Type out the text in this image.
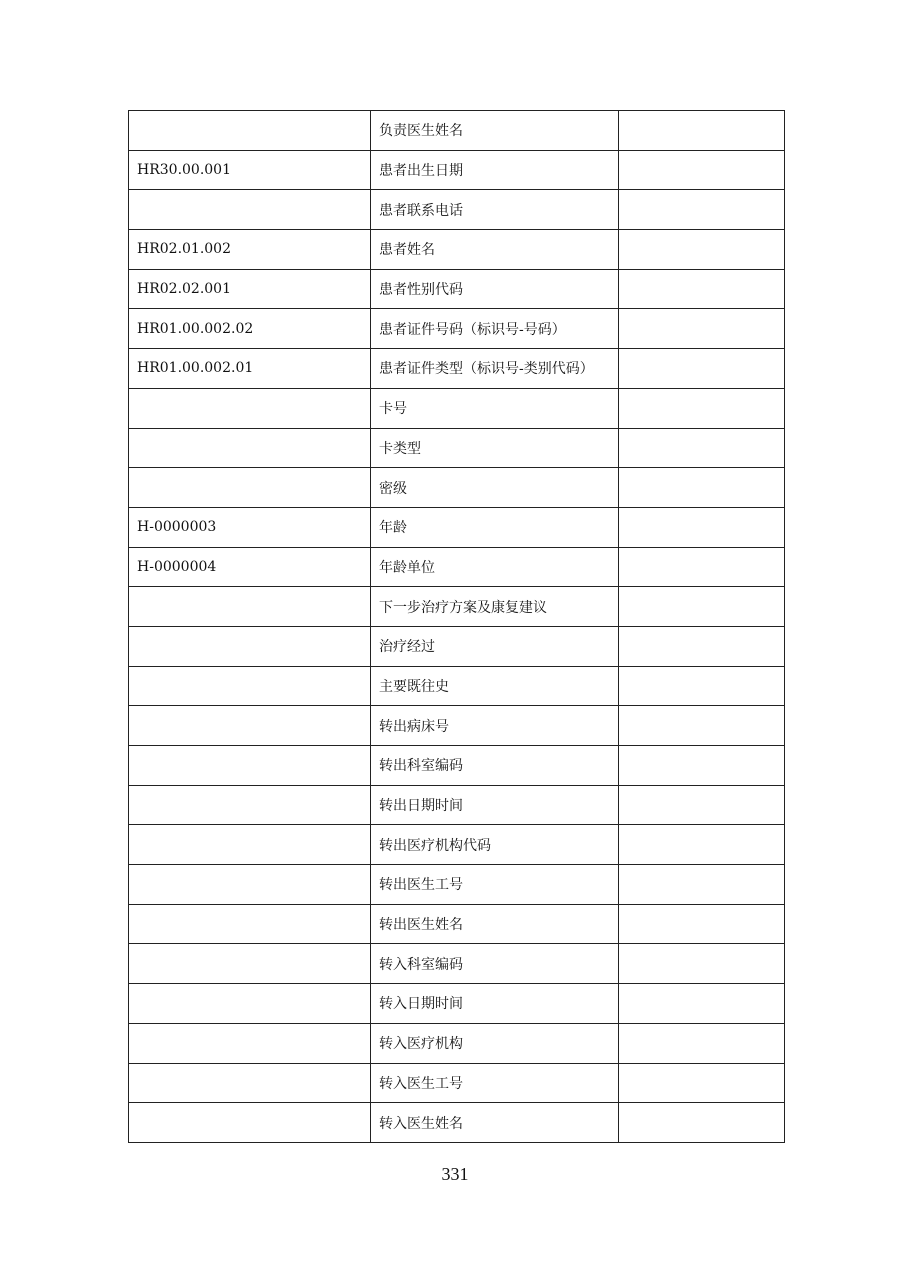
	负责医生姓名	
HR30.00.001	患者出生日期	
	患者联系电话	
HR02.01.002	患者姓名	
HR02.02.001	患者性别代码	
HR01.00.002.02	患者证件号码（标识号-号码）	
HR01.00.002.01	患者证件类型（标识号-类别代码）	
	卡号	
	卡类型	
	密级	
H-0000003	年龄	
H-0000004	年龄单位	
	下一步治疗方案及康复建议	
	治疗经过	
	主要既往史	
	转出病床号	
	转出科室编码	
	转出日期时间	
	转出医疗机构代码	
	转出医生工号	
	转出医生姓名	
	转入科室编码	
	转入日期时间	
	转入医疗机构	
	转入医生工号	
	转入医生姓名	
331
